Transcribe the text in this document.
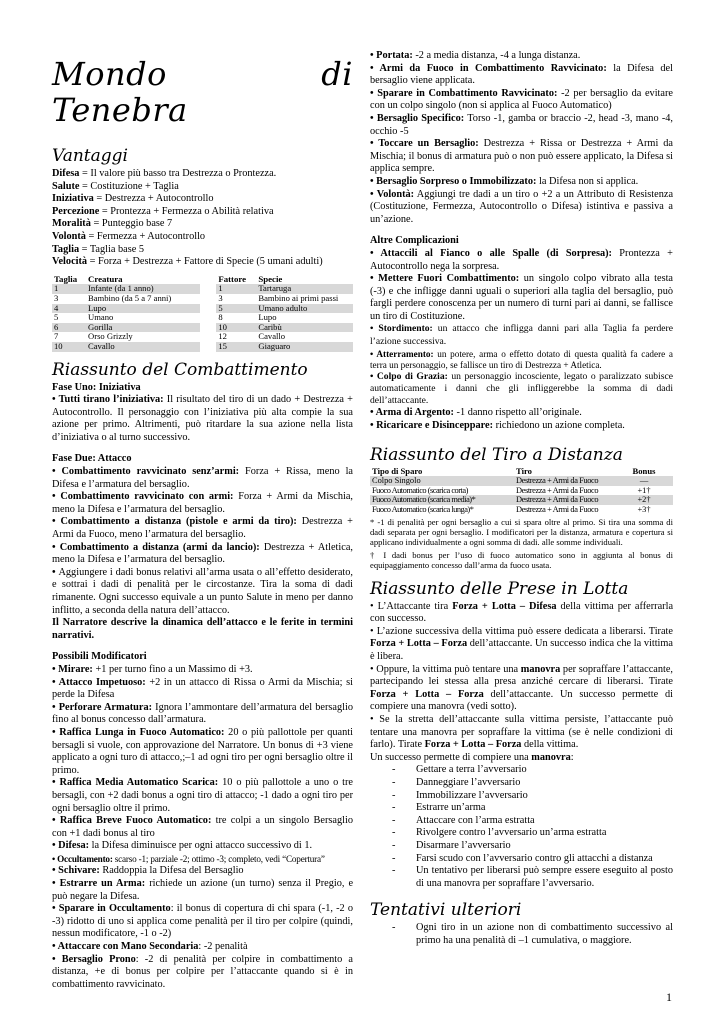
Mondo di Tenebra
Vantaggi
Difesa = Il valore più basso tra Destrezza o Prontezza.
Salute = Costituzione + Taglia
Iniziativa = Destrezza + Autocontrollo
Percezione = Prontezza + Fermezza o Abilità relativa
Moralità = Punteggio base 7
Volontà = Fermezza + Autocontrollo
Taglia = Taglia base 5
Velocità = Forza + Destrezza + Fattore di Specie (5 umani adulti)
Taglia	Creatura
1	Infante (da 1 anno)
3	Bambino (da 5 a 7 anni)
4	Lupo
5	Umano
6	Gorilla
7	Orso Grizzly
10	Cavallo
Fattore	Specie
1	Tartaruga
3	Bambino ai primi passi
5	Umano adulto
8	Lupo
10	Caribù
12	Cavallo
15	Giaguaro
Riassunto del Combattimento
Fase Uno: Iniziativa
• Tutti tirano l’iniziativa: Il risultato del tiro di un dado + Destrezza + Autocontrollo. Il personaggio con l’iniziativa più alta compie la sua azione per primo. Altrimenti, può ritardare la sua azione nella lista d’iniziativa o al turno successivo.
Fase Due: Attacco
• Combattimento ravvicinato senz’armi: Forza + Rissa, meno la Difesa e l’armatura del bersaglio.
• Combattimento ravvicinato con armi: Forza + Armi da Mischia, meno la Difesa e l’armatura del bersaglio.
• Combattimento a distanza (pistole e armi da tiro): Destrezza + Armi da Fuoco, meno l’armatura del bersaglio.
• Combattimento a distanza (armi da lancio): Destrezza + Atletica, meno la Difesa e l’armatura del bersaglio.
• Aggiungere i dadi bonus relativi all’arma usata o all’effetto desiderato, e sottrai i dadi di penalità per le circostanze. Tira la soma di dadi rimanente. Ogni successo equivale a un punto Salute in meno per danno inflitto, a seconda della natura dell’attacco.
Il Narratore descrive la dinamica dell’attacco e le ferite in termini narrativi.
Possibili Modificatori
• Mirare: +1 per turno fino a un Massimo di +3.
• Attacco Impetuoso: +2 in un attacco di Rissa o Armi da Mischia; si perde la Difesa
• Perforare Armatura: Ignora l’ammontare dell’armatura del bersaglio fino al bonus concesso dall’armatura.
• Raffica Lunga in Fuoco Automatico: 20 o più pallottole per quanti bersagli si vuole, con approvazione del Narratore. Un bonus di +3 viene applicato a ogni turo di attacco,;–1 ad ogni tiro per ogni bersaglio oltre il primo.
• Raffica Media Automatico Scarica: 10 o più pallottole a uno o tre bersagli, con +2 dadi bonus a ogni tiro di attacco; -1 dado a ogni tiro per ogni bersaglio oltre il primo.
• Raffica Breve Fuoco Automatico: tre colpi a un singolo Bersaglio con +1 dadi bonus al tiro
• Difesa: la Difesa diminuisce per ogni attacco successivo di 1.
• Occultamento: scarso -1; parziale -2; ottimo -3; completo, vedi “Copertura”
• Schivare: Raddoppia la Difesa del Bersaglio
• Estrarre un Arma: richiede un azione (un turno) senza il Pregio, e può negare la Difesa.
• Sparare in Occultamento: il bonus di copertura di chi spara (-1, -2 o -3) ridotto di uno si applica come penalità per il tiro per colpire (quindi, nessun modificatore, -1 o -2)
• Attaccare con Mano Secondaria: -2 penalità
• Bersaglio Prono: -2 di penalità per colpire in combattimento a distanza, +e di bonus per colpire per l’attaccante quando si è in combattimento ravvicinato.
• Portata: -2 a media distanza, -4 a lunga distanza.
• Armi da Fuoco in Combattimento Ravvicinato: la Difesa del bersaglio viene applicata.
• Sparare in Combattimento Ravvicinato: -2 per bersaglio da evitare con un colpo singolo (non si applica al Fuoco Automatico)
• Bersaglio Specifico: Torso -1, gamba or braccio -2, head -3, mano -4, occhio -5
• Toccare un Bersaglio: Destrezza + Rissa or Destrezza + Armi da Mischia; il bonus di armatura può o non può essere applicato, la Difesa si applica sempre.
• Bersaglio Sorpreso o Immobilizzato: la Difesa non si applica.
• Volontà: Aggiungi tre dadi a un tiro o +2 a un Attributo di Resistenza (Costituzione, Fermezza, Autocontrollo o Difesa) istintiva e passiva a un’azione.
Altre Complicazioni
• Attaccili al Fianco o alle Spalle (di Sorpresa): Prontezza + Autocontrollo nega la sorpresa.
• Mettere Fuori Combattimento: un singolo colpo vibrato alla testa (-3) e che infligge danni uguali o superiori alla taglia del bersaglio, può fargli perdere conoscenza per un numero di turni pari ai danni, se fallisce un tiro di Costituzione.
• Stordimento: un attacco che infligga danni pari alla Taglia fa perdere l’azione successiva.
• Atterramento: un potere, arma o effetto dotato di questa qualità fa cadere a terra un personaggio, se fallisce un tiro di Destrezza + Atletica.
• Colpo di Grazia: un personaggio incosciente, legato o paralizzato subisce automaticamente i danni che gli infliggerebbe la somma di dadi dell’attaccante.
• Arma di Argento: -1 danno rispetto all’originale.
• Ricaricare e Disinceppare: richiedono un azione completa.
Riassunto del Tiro a Distanza
Tipo di Sparo	Tiro	Bonus
Colpo Singolo	Destrezza + Armi da Fuoco	—
Fuoco Automatico (scarica corta)	Destrezza + Armi da Fuoco	+1†
Fuoco Automatico (scarica media)*	Destrezza + Armi da Fuoco	+2†
Fuoco Automatico (scarica lunga)*	Destrezza + Armi da Fuoco	+3†
* -1 di penalità per ogni bersaglio a cui si spara oltre al primo. Si tira una somma di dadi separata per ogni bersaglio. I modificatori per la distanza, armatura e copertura si applicano individualmente a ogni somma di dadi. alle somme individuali.
† I dadi bonus per l’uso di fuoco automatico sono in aggiunta al bonus di equipaggiamento concesso dall’arma da fuoco usata.
Riassunto delle Prese in Lotta
• L’Attaccante tira Forza + Lotta – Difesa della vittima per afferrarla con successo.
• L’azione successiva della vittima può essere dedicata a liberarsi. Tirate Forza + Lotta – Forza dell’attaccante. Un successo indica che la vittima è libera.
• Oppure, la vittima può tentare una manovra per sopraffare l’attaccante, partecipando lei stessa alla presa anziché cercare di liberarsi. Tirate Forza + Lotta – Forza dell’attaccante. Un successo permette di compiere una manovra (vedi sotto).
• Se la stretta dell’attaccante sulla vittima persiste, l’attaccante può tentare una manovra per sopraffare la vittima (se è nelle condizioni di farlo). Tirate Forza + Lotta – Forza della vittima.
Un successo permette di compiere una manovra:
- Gettare a terra l’avversario
- Danneggiare l’avversario
- Immobilizzare l’avversario
- Estrarre un’arma
- Attaccare con l’arma estratta
- Rivolgere contro l’avversario un’arma estratta
- Disarmare l’avversario
- Farsi scudo con l’avversario contro gli attacchi a distanza
- Un tentativo per liberarsi può sempre essere eseguito al posto di una manovra per sopraffare l’avversario.
Tentativi ulteriori
- Ogni tiro in un azione non di combattimento successivo al primo ha una penalità di –1 cumulativa, o maggiore.
1
